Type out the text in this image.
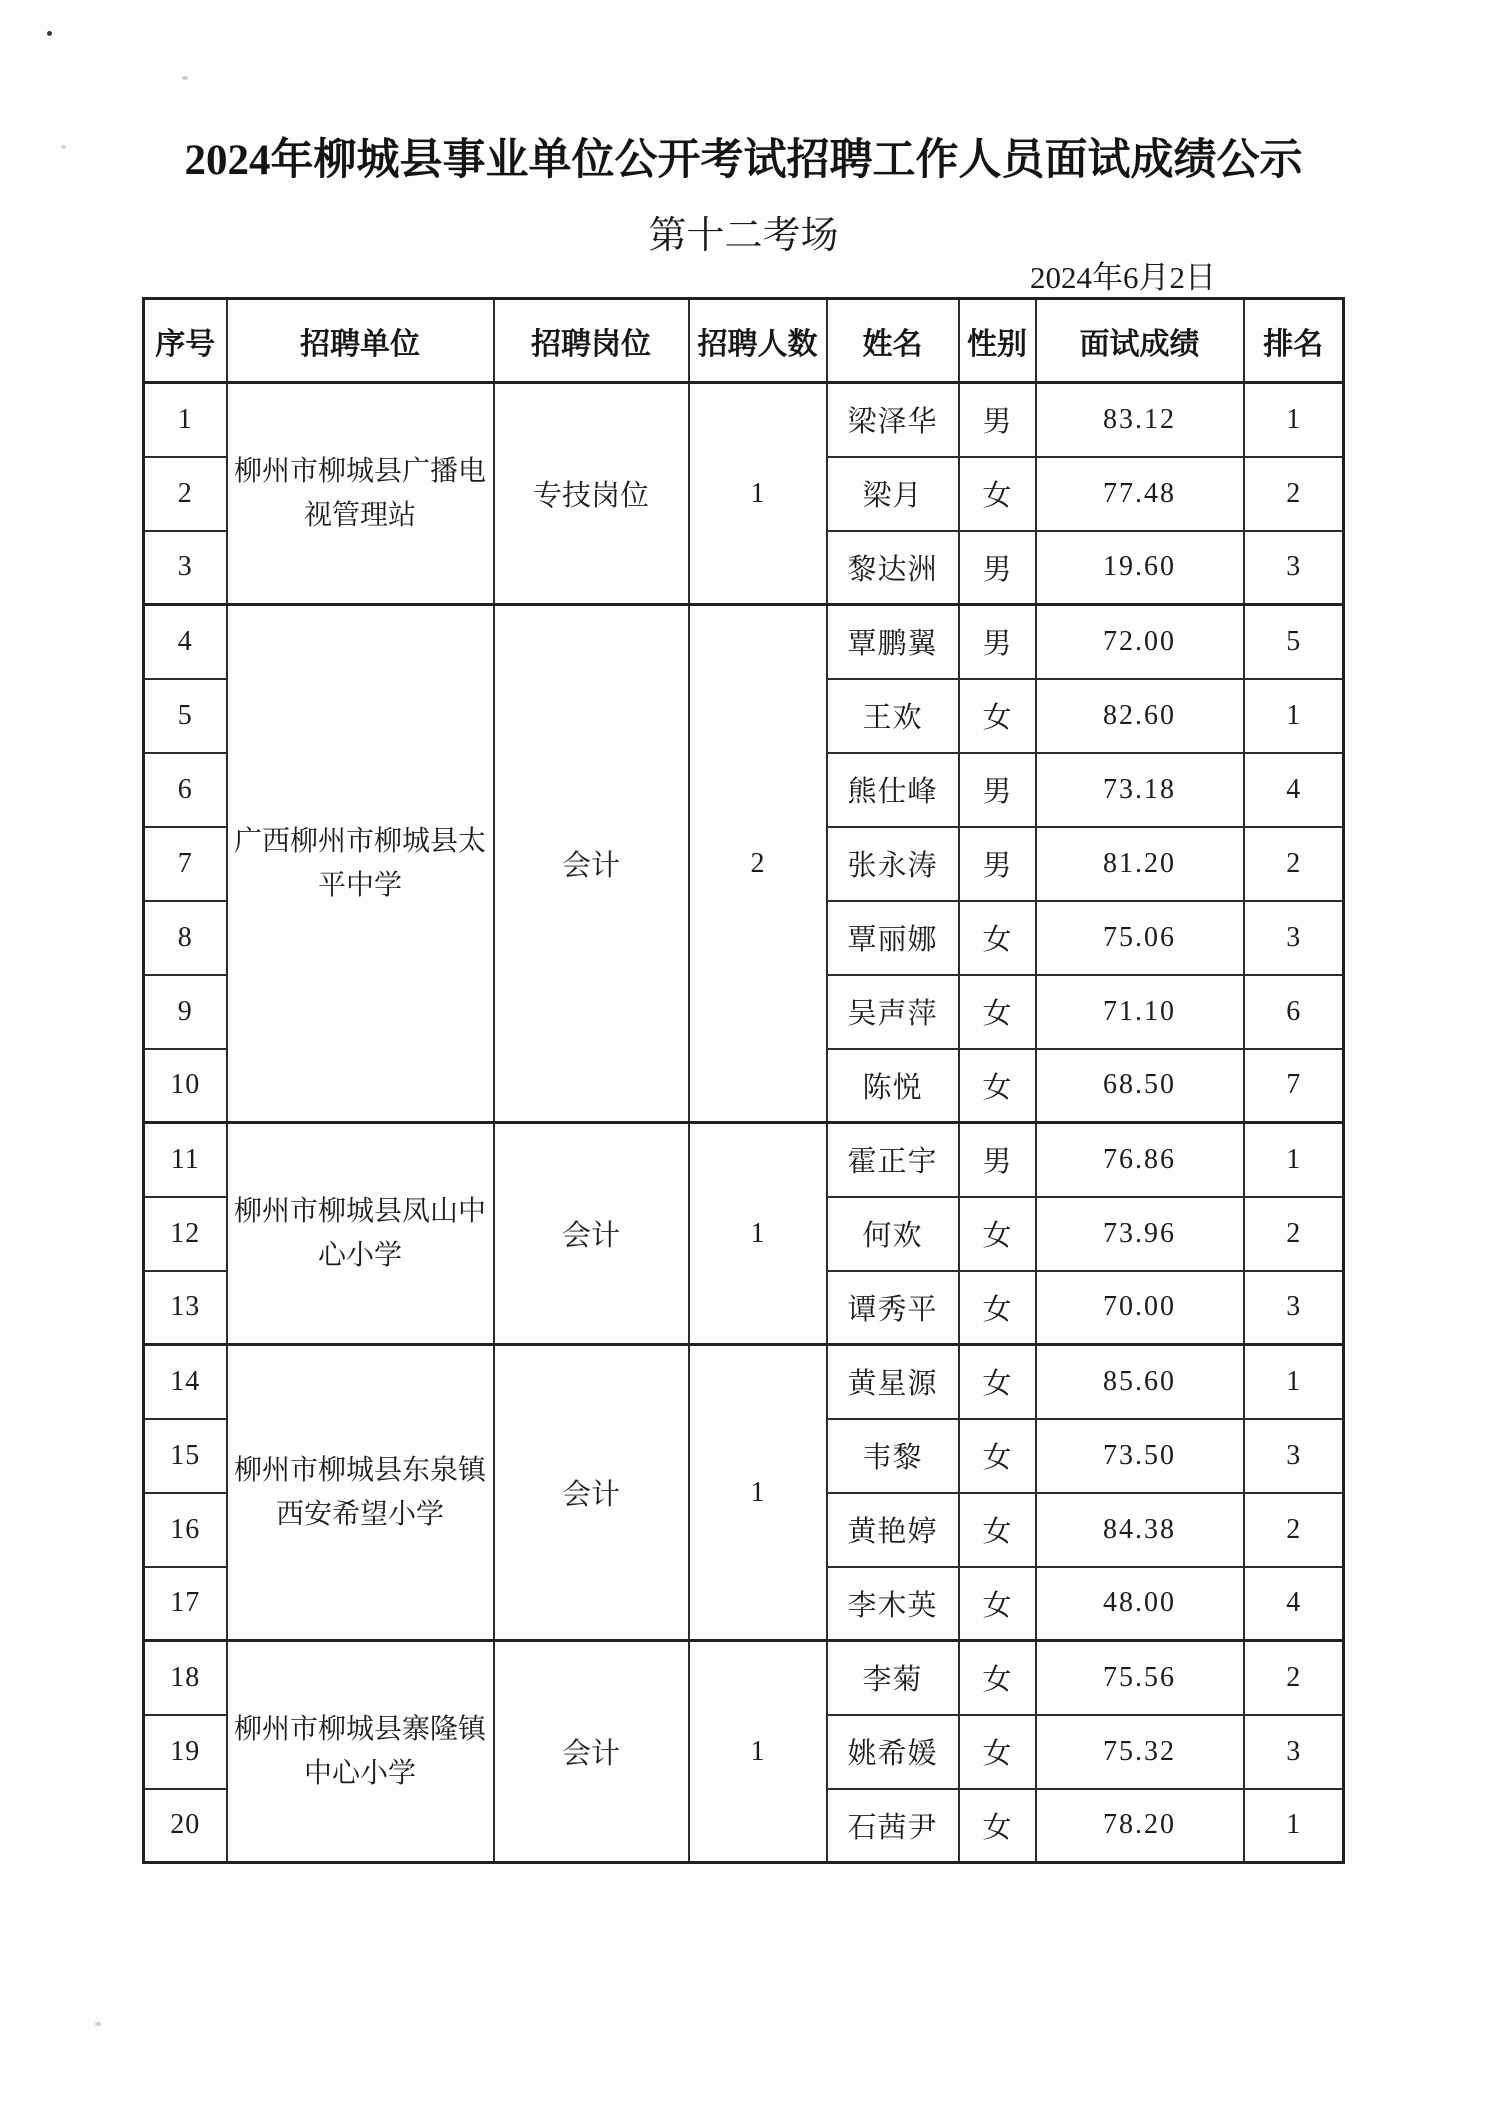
2024年柳城县事业单位公开考试招聘工作人员面试成绩公示
第十二考场
2024年6月2日
序号	招聘单位	招聘岗位	招聘人数	姓名	性别	面试成绩	排名
1	柳州市柳城县广播电视管理站	专技岗位	1	梁泽华	男	83.12	1
2				梁月	女	77.48	2
3				黎达洲	男	19.60	3
4	广西柳州市柳城县太平中学	会计	2	覃鹏翼	男	72.00	5
5				王欢	女	82.60	1
6				熊仕峰	男	73.18	4
7				张永涛	男	81.20	2
8				覃丽娜	女	75.06	3
9				吴声萍	女	71.10	6
10				陈悦	女	68.50	7
11	柳州市柳城县凤山中心小学	会计	1	霍正宇	男	76.86	1
12				何欢	女	73.96	2
13				谭秀平	女	70.00	3
14	柳州市柳城县东泉镇西安希望小学	会计	1	黄星源	女	85.60	1
15				韦黎	女	73.50	3
16				黄艳婷	女	84.38	2
17				李木英	女	48.00	4
18	柳州市柳城县寨隆镇中心小学	会计	1	李菊	女	75.56	2
19				姚希媛	女	75.32	3
20				石茜尹	女	78.20	1
